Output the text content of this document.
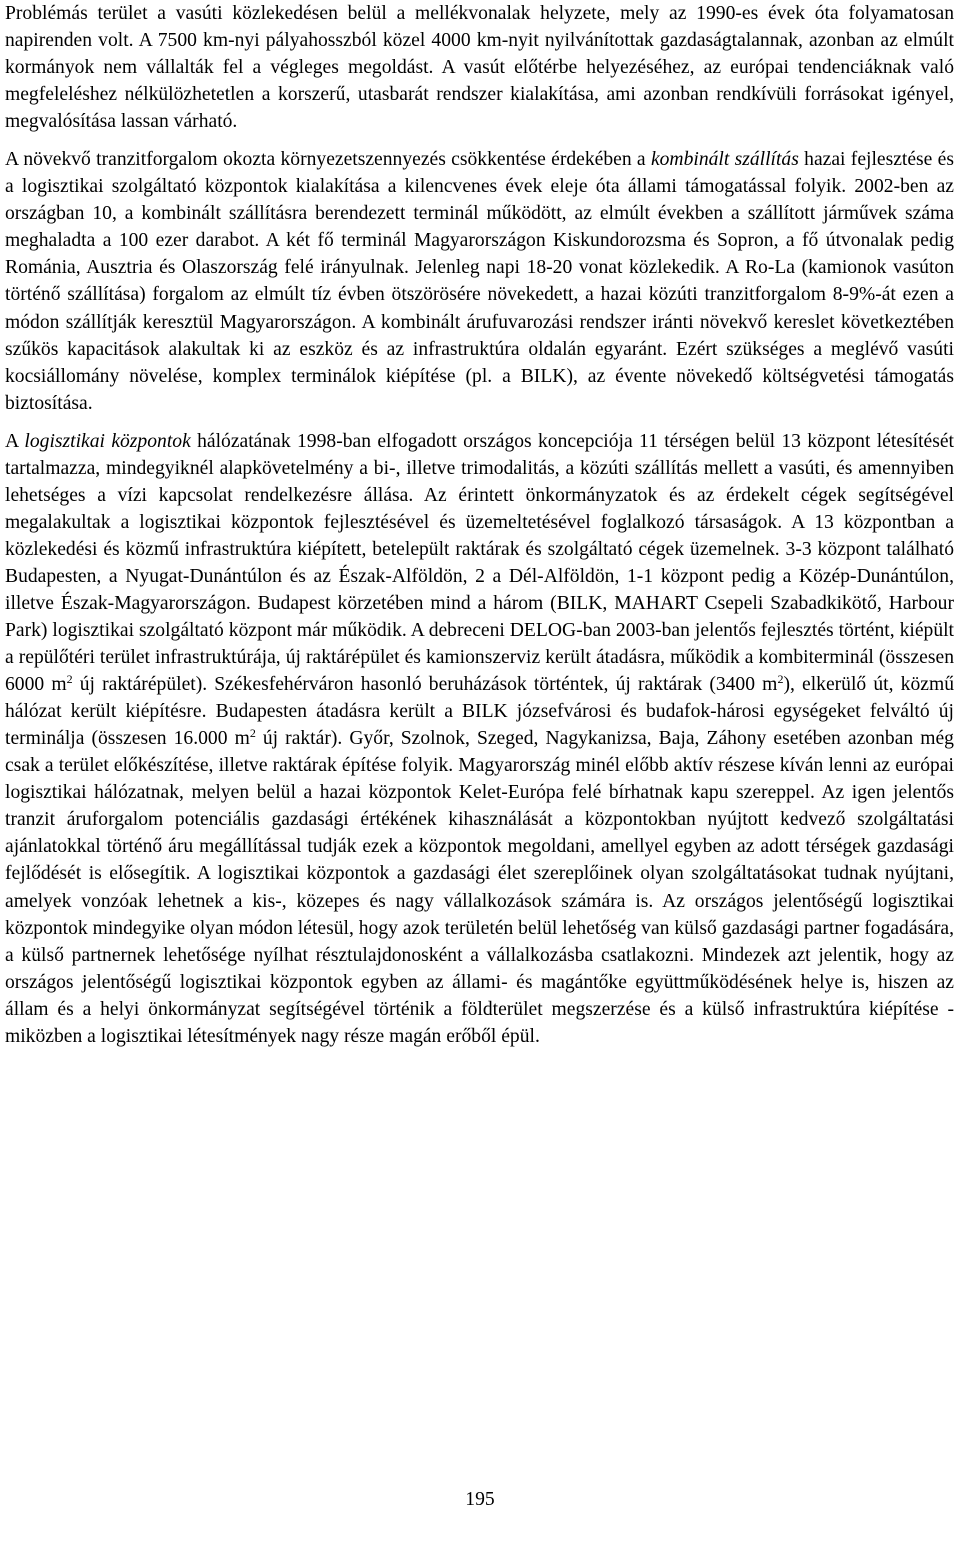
Problémás terület a vasúti közlekedésen belül a mellékvonalak helyzete, mely az 1990-es évek óta folyamatosan napirenden volt. A 7500 km-nyi pályahosszból közel 4000 km-nyit nyilvánítottak gazdaságtalannak, azonban az elmúlt kormányok nem vállalták fel a végleges megoldást. A vasút előtérbe helyezéséhez, az európai tendenciáknak való megfeleléshez nélkülözhetetlen a korszerű, utasbarát rendszer kialakítása, ami azonban rendkívüli forrásokat igényel, megvalósítása lassan várható.

A növekvő tranzitforgalom okozta környezetszennyezés csökkentése érdekében a kombinált szállítás hazai fejlesztése és a logisztikai szolgáltató központok kialakítása a kilencvenes évek eleje óta állami támogatással folyik. 2002-ben az országban 10, a kombinált szállításra berendezett terminál működött, az elmúlt években a szállított járművek száma meghaladta a 100 ezer darabot. A két fő terminál Magyarországon Kiskundorozsma és Sopron, a fő útvonalak pedig Románia, Ausztria és Olaszország felé irányulnak. Jelenleg napi 18-20 vonat közlekedik. A Ro-La (kamionok vasúton történő szállítása) forgalom az elmúlt tíz évben ötszörösére növekedett, a hazai közúti tranzitforgalom 8-9%-át ezen a módon szállítják keresztül Magyarországon. A kombinált árufuvarozási rendszer iránti növekvő kereslet következtében szűkös kapacitások alakultak ki az eszköz és az infrastruktúra oldalán egyaránt. Ezért szükséges a meglévő vasúti kocsiállomány növelése, komplex terminálok kiépítése (pl. a BILK), az évente növekedő költségvetési támogatás biztosítása.

A logisztikai központok hálózatának 1998-ban elfogadott országos koncepciója 11 térségen belül 13 központ létesítését tartalmazza, mindegyiknél alapkövetelmény a bi-, illetve trimodalitás, a közúti szállítás mellett a vasúti, és amennyiben lehetséges a vízi kapcsolat rendelkezésre állása. Az érintett önkormányzatok és az érdekelt cégek segítségével megalakultak a logisztikai központok fejlesztésével és üzemeltetésével foglalkozó társaságok. A 13 központban a közlekedési és közmű infrastruktúra kiépített, betelepült raktárak és szolgáltató cégek üzemelnek. 3-3 központ található Budapesten, a Nyugat-Dunántúlon és az Észak-Alföldön, 2 a Dél-Alföldön, 1-1 központ pedig a Közép-Dunántúlon, illetve Észak-Magyarországon. Budapest körzetében mind a három (BILK, MAHART Csepeli Szabadkikötő, Harbour Park) logisztikai szolgáltató központ már működik. A debreceni DELOG-ban 2003-ban jelentős fejlesztés történt, kiépült a repülőtéri terület infrastruktúrája, új raktárépület és kamionszerviz került átadásra, működik a kombiterminál (összesen 6000 $m^2$ új raktárépület). Székesfehérváron hasonló beruházások történtek, új raktárak (3400 $m^2$), elkerülő út, közmű hálózat került kiépítésre. Budapesten átadásra került a BILK józsefvárosi és budafok-hárosi egységeket felváltó új terminálja (összesen 16.000 $m^2$ új raktár). Győr, Szolnok, Szeged, Nagykanizsa, Baja, Záhony esetében azonban még csak a terület előkészítése, illetve raktárak építése folyik. Magyarország minél előbb aktív részese kíván lenni az európai logisztikai hálózatnak, melyen belül a hazai központok Kelet-Európa felé bírhatnak kapu szereppel. Az igen jelentős tranzit áruforgalom potenciális gazdasági értékének kihasználását a központokban nyújtott kedvező szolgáltatási ajánlatokkal történő áru megállítással tudják ezek a központok megoldani, amellyel egyben az adott térségek gazdasági fejlődését is elősegítik. A logisztikai központok a gazdasági élet szereplőinek olyan szolgáltatásokat tudnak nyújtani, amelyek vonzóak lehetnek a kis-, közepes és nagy vállalkozások számára is. Az országos jelentőségű logisztikai központok mindegyike olyan módon létesül, hogy azok területén belül lehetőség van külső gazdasági partner fogadására, a külső partnernek lehetősége nyílhat résztulajdonosként a vállalkozásba csatlakozni. Mindezek azt jelentik, hogy az országos jelentőségű logisztikai központok egyben az állami- és magántőke együttműködésének helye is, hiszen az állam és a helyi önkormányzat segítségével történik a földterület megszerzése és a külső infrastruktúra kiépítése - miközben a logisztikai létesítmények nagy része magán erőből épül.

195
